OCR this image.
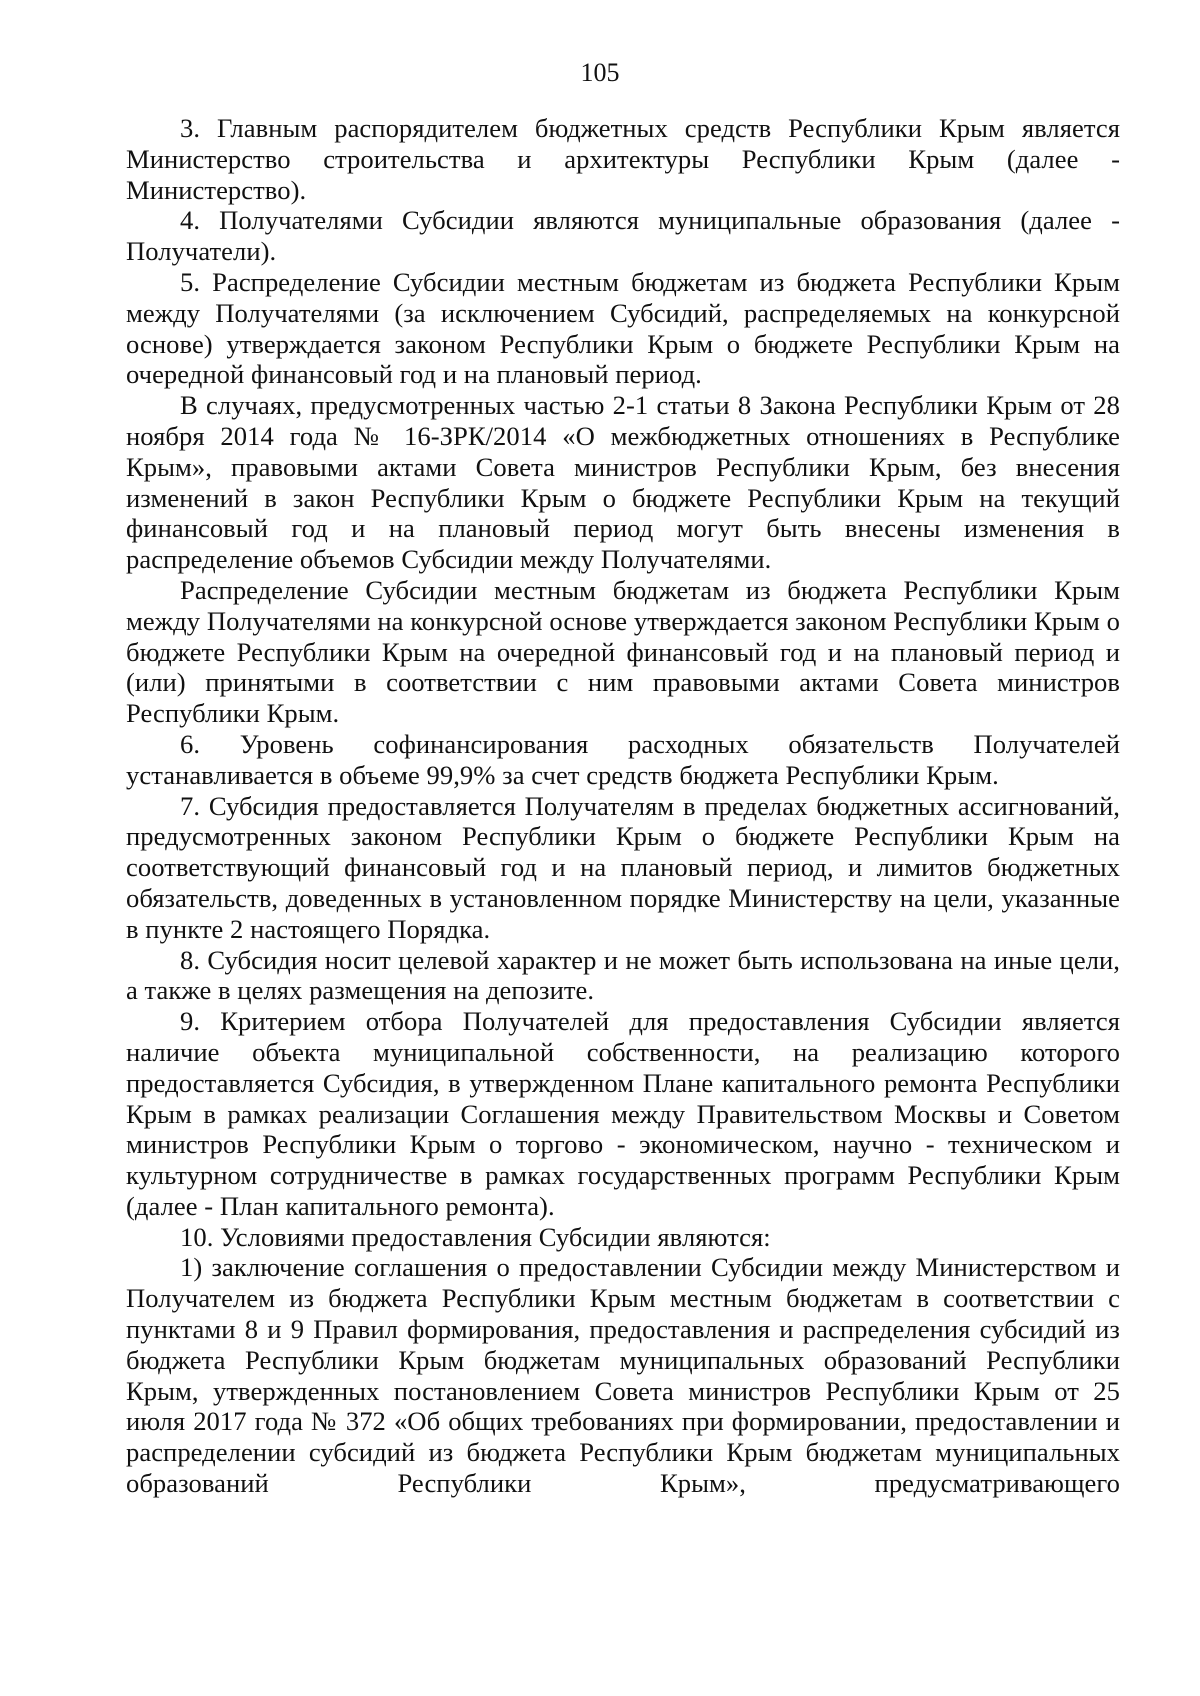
105

3. Главным распорядителем бюджетных средств Республики Крым является Министерство строительства и архитектуры Республики Крым (далее - Министерство).

4. Получателями Субсидии являются муниципальные образования (далее - Получатели).

5. Распределение Субсидии местным бюджетам из бюджета Республики Крым между Получателями (за исключением Субсидий, распределяемых на конкурсной основе) утверждается законом Республики Крым о бюджете Республики Крым на очередной финансовый год и на плановый период.

В случаях, предусмотренных частью 2-1 статьи 8 Закона Республики Крым от 28 ноября 2014 года № 16-ЗРК/2014 «О межбюджетных отношениях в Республике Крым», правовыми актами Совета министров Республики Крым, без внесения изменений в закон Республики Крым о бюджете Республики Крым на текущий финансовый год и на плановый период могут быть внесены изменения в распределение объемов Субсидии между Получателями.

Распределение Субсидии местным бюджетам из бюджета Республики Крым между Получателями на конкурсной основе утверждается законом Республики Крым о бюджете Республики Крым на очередной финансовый год и на плановый период и (или) принятыми в соответствии с ним правовыми актами Совета министров Республики Крым.

6. Уровень софинансирования расходных обязательств Получателей устанавливается в объеме 99,9% за счет средств бюджета Республики Крым.

7. Субсидия предоставляется Получателям в пределах бюджетных ассигнований, предусмотренных законом Республики Крым о бюджете Республики Крым на соответствующий финансовый год и на плановый период, и лимитов бюджетных обязательств, доведенных в установленном порядке Министерству на цели, указанные в пункте 2 настоящего Порядка.

8. Субсидия носит целевой характер и не может быть использована на иные цели, а также в целях размещения на депозите.

9. Критерием отбора Получателей для предоставления Субсидии является наличие объекта муниципальной собственности, на реализацию которого предоставляется Субсидия, в утвержденном Плане капитального ремонта Республики Крым в рамках реализации Соглашения между Правительством Москвы и Советом министров Республики Крым о торгово - экономическом, научно - техническом и культурном сотрудничестве в рамках государственных программ Республики Крым (далее - План капитального ремонта).

10. Условиями предоставления Субсидии являются:

1) заключение соглашения о предоставлении Субсидии между Министерством и Получателем из бюджета Республики Крым местным бюджетам в соответствии с пунктами 8 и 9 Правил формирования, предоставления и распределения субсидий из бюджета Республики Крым бюджетам муниципальных образований Республики Крым, утвержденных постановлением Совета министров Республики Крым от 25 июля 2017 года № 372 «Об общих требованиях при формировании, предоставлении и распределении субсидий из бюджета Республики Крым бюджетам муниципальных образований Республики Крым», предусматривающего
